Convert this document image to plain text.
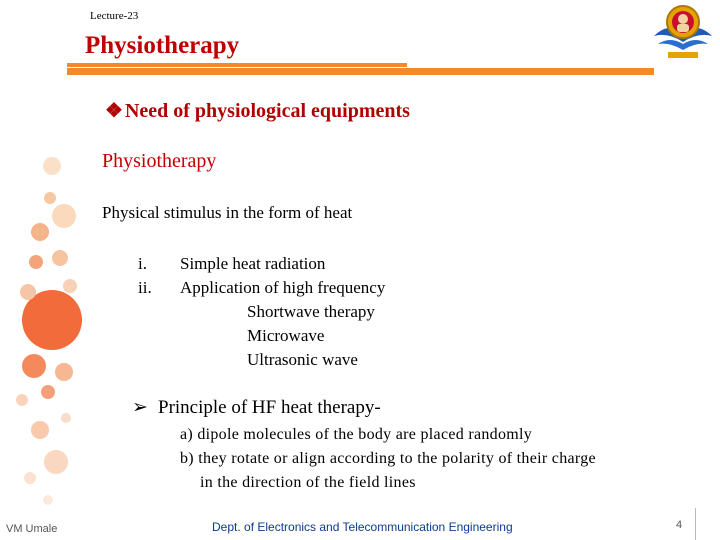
Lecture-23
Physiotherapy
❖ Need of physiological equipments
Physiotherapy
Physical stimulus in the form of heat
i. Simple heat radiation
ii. Application of high frequency
Shortwave therapy
Microwave
Ultrasonic wave
➢ Principle of HF heat therapy-
a) dipole molecules of the body are placed randomly
b) they rotate or align according to the polarity of their charge
in the direction of the field lines
VM Umale	Dept. of Electronics and Telecommunication Engineering	4
